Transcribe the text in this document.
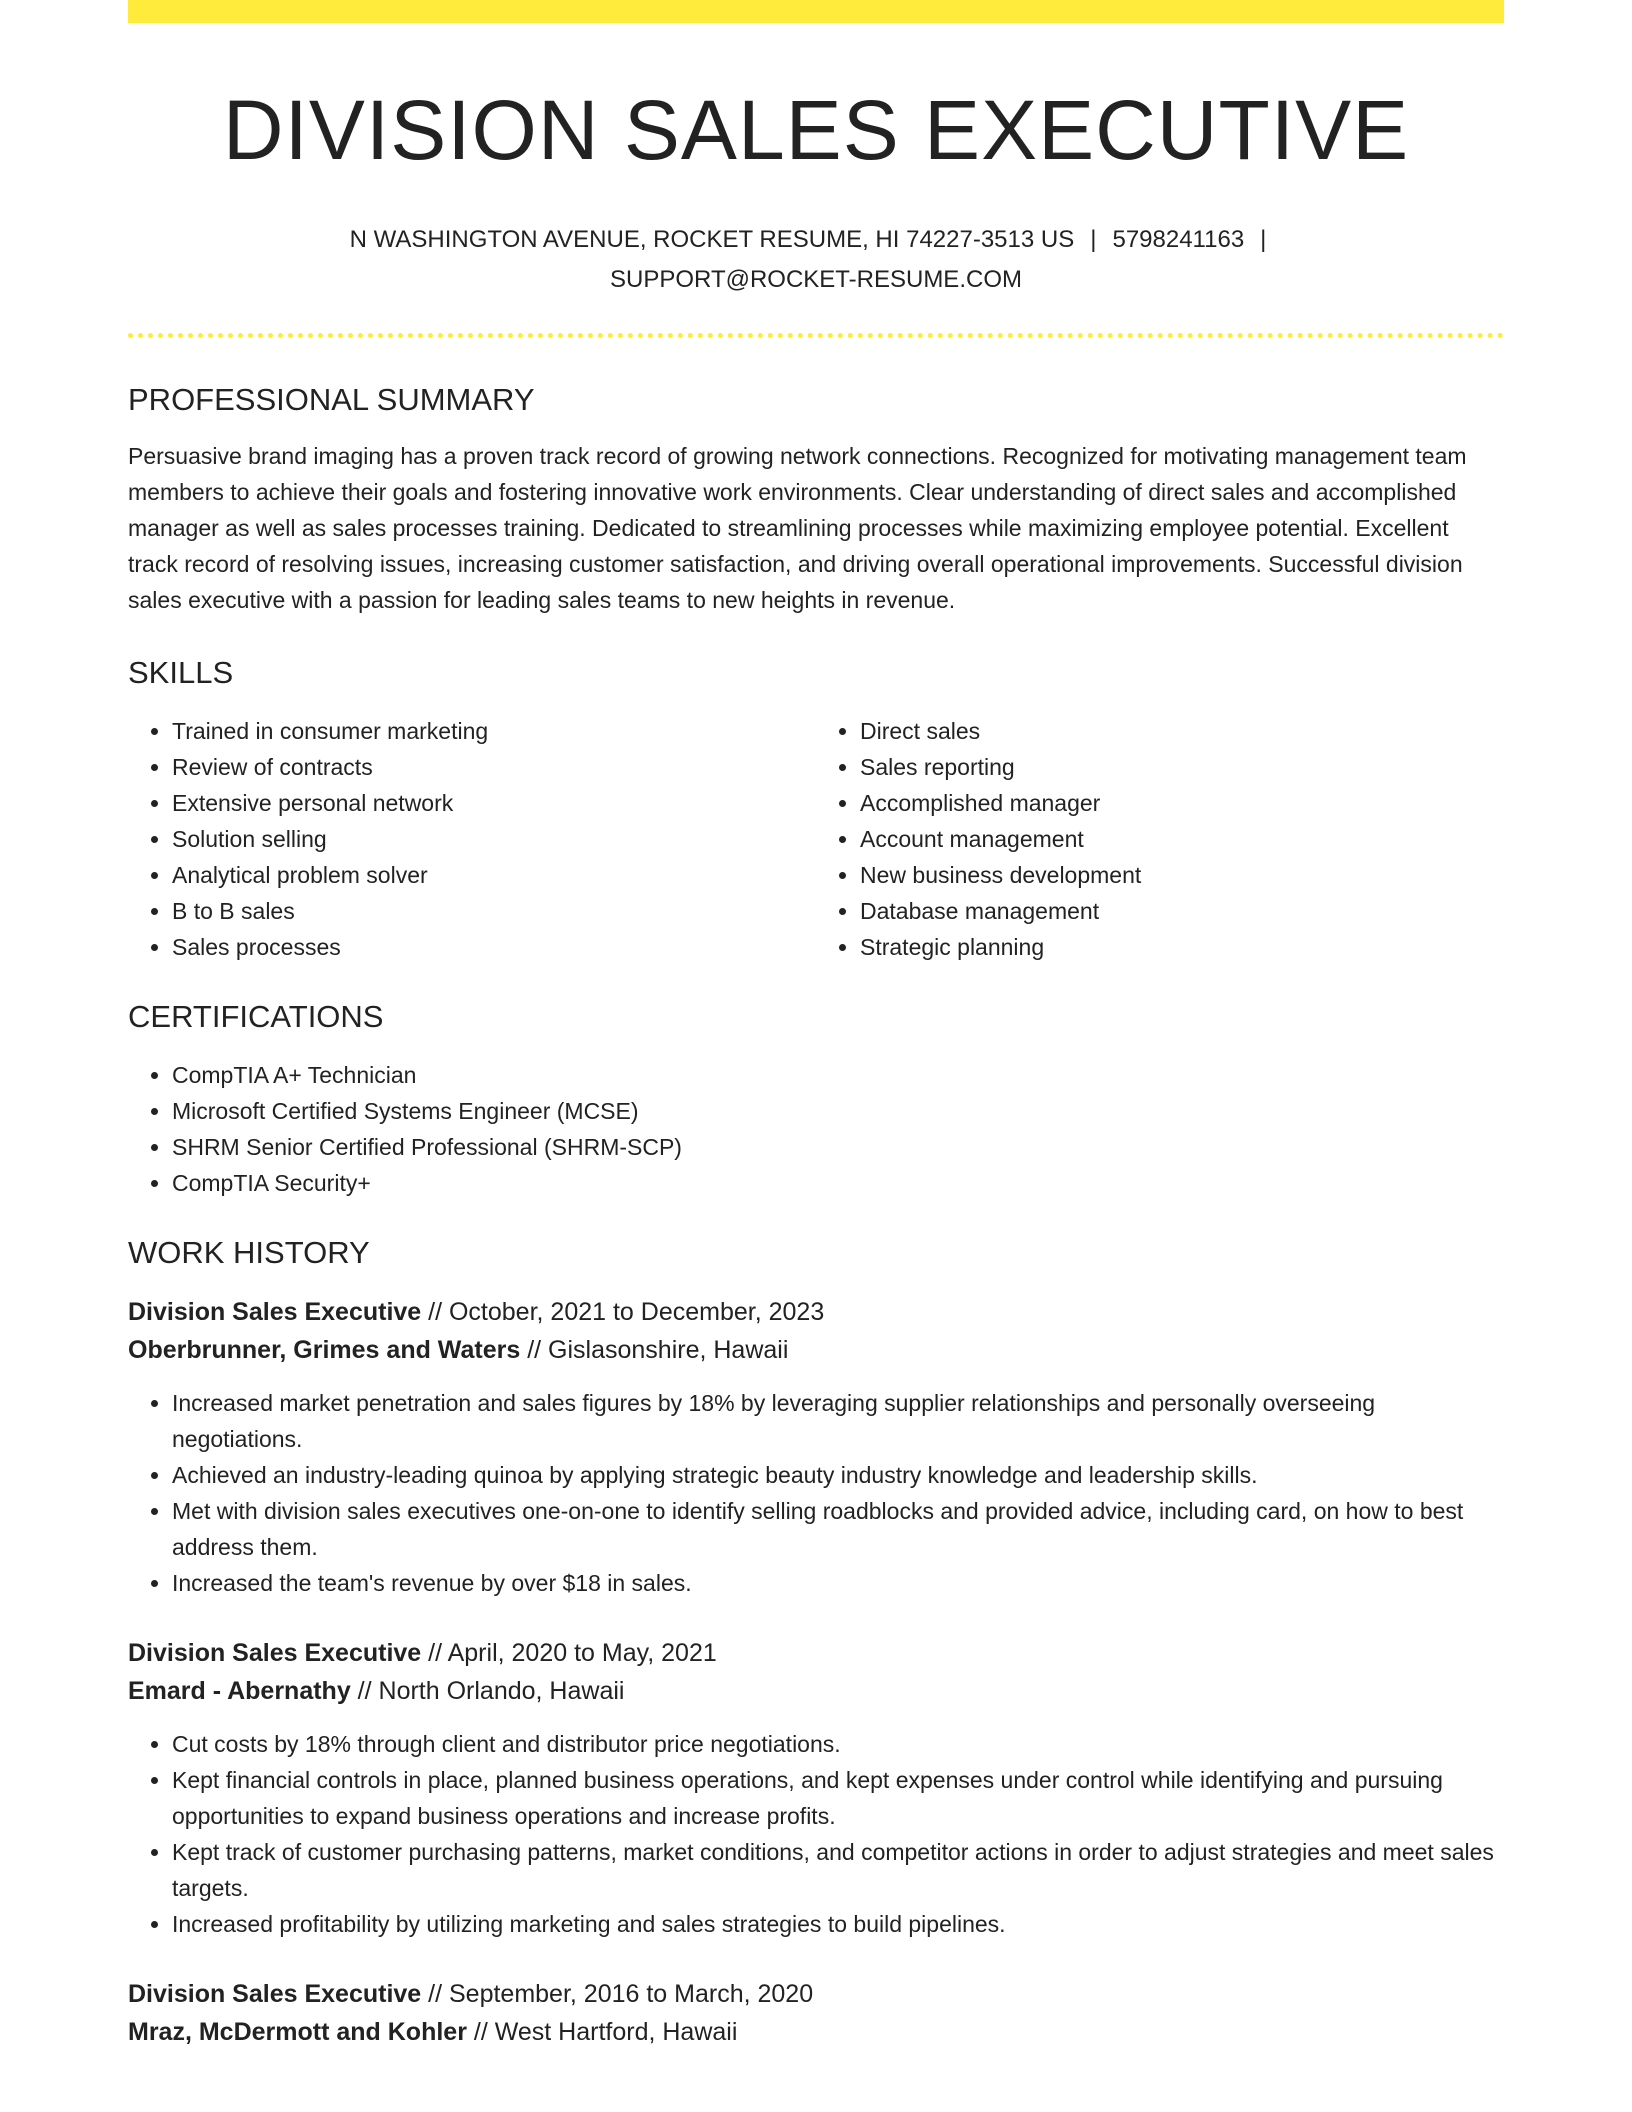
DIVISION SALES EXECUTIVE
N WASHINGTON AVENUE, ROCKET RESUME, HI 74227-3513 US | 5798241163 |
SUPPORT@ROCKET-RESUME.COM
PROFESSIONAL SUMMARY

Persuasive brand imaging has a proven track record of growing network connections. Recognized for motivating management team members to achieve their goals and fostering innovative work environments. Clear understanding of direct sales and accomplished manager as well as sales processes training. Dedicated to streamlining processes while maximizing employee potential. Excellent track record of resolving issues, increasing customer satisfaction, and driving overall operational improvements. Successful division sales executive with a passion for leading sales teams to new heights in revenue.

SKILLS
• Trained in consumer marketing
• Review of contracts
• Extensive personal network
• Solution selling
• Analytical problem solver
• B to B sales
• Sales processes
• Direct sales
• Sales reporting
• Accomplished manager
• Account management
• New business development
• Database management
• Strategic planning
CERTIFICATIONS
• CompTIA A+ Technician
• Microsoft Certified Systems Engineer (MCSE)
• SHRM Senior Certified Professional (SHRM-SCP)
• CompTIA Security+
WORK HISTORY

Division Sales Executive // October, 2021 to December, 2023

Oberbrunner, Grimes and Waters // Gislasonshire, Hawaii

• Increased market penetration and sales figures by 18% by leveraging supplier relationships and personally overseeing negotiations.
• Achieved an industry-leading quinoa by applying strategic beauty industry knowledge and leadership skills.
• Met with division sales executives one-on-one to identify selling roadblocks and provided advice, including card, on how to best address them.
• Increased the team's revenue by over $18 in sales.

Division Sales Executive // April, 2020 to May, 2021

Emard - Abernathy // North Orlando, Hawaii

• Cut costs by 18% through client and distributor price negotiations.
• Kept financial controls in place, planned business operations, and kept expenses under control while identifying and pursuing opportunities to expand business operations and increase profits.
• Kept track of customer purchasing patterns, market conditions, and competitor actions in order to adjust strategies and meet sales targets.
• Increased profitability by utilizing marketing and sales strategies to build pipelines.

Division Sales Executive // September, 2016 to March, 2020

Mraz, McDermott and Kohler // West Hartford, Hawaii
